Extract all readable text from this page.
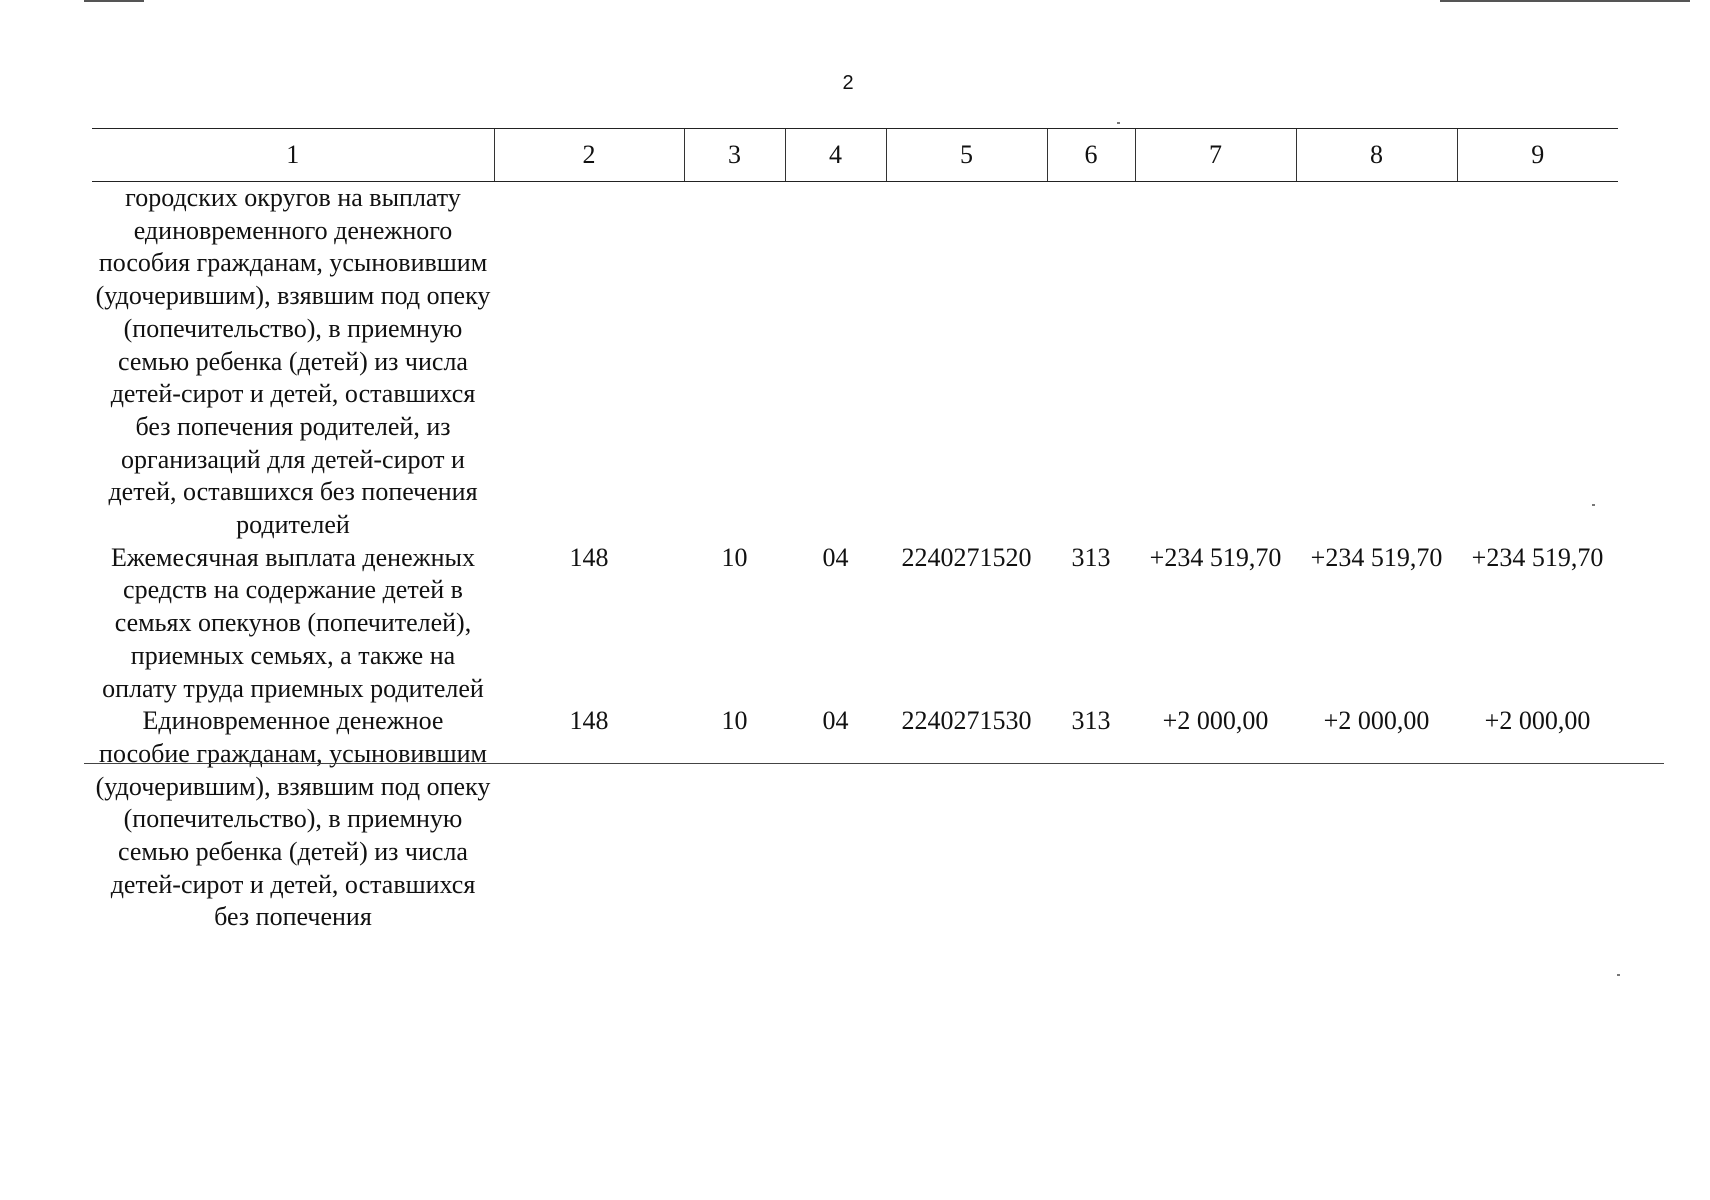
2
1	2	3	4	5	6	7	8	9
городских округов на выплату единовременного денежного пособия гражданам, усыновившим (удочерившим), взявшим под опеку (попечительство), в приемную семью ребенка (детей) из числа детей-сирот и детей, оставшихся без попечения родителей, из организаций для детей-сирот и детей, оставшихся без попечения родителей								
Ежемесячная выплата денежных средств на содержание детей в семьях опекунов (попечителей), приемных семьях, а также на оплату труда приемных родителей	148	10	04	2240271520	313	+234 519,70	+234 519,70	+234 519,70
Единовременное денежное пособие гражданам, усыновившим (удочерившим), взявшим под опеку (попечительство), в приемную семью ребенка (детей) из числа детей-сирот и детей, оставшихся без попечения	148	10	04	2240271530	313	+2 000,00	+2 000,00	+2 000,00
